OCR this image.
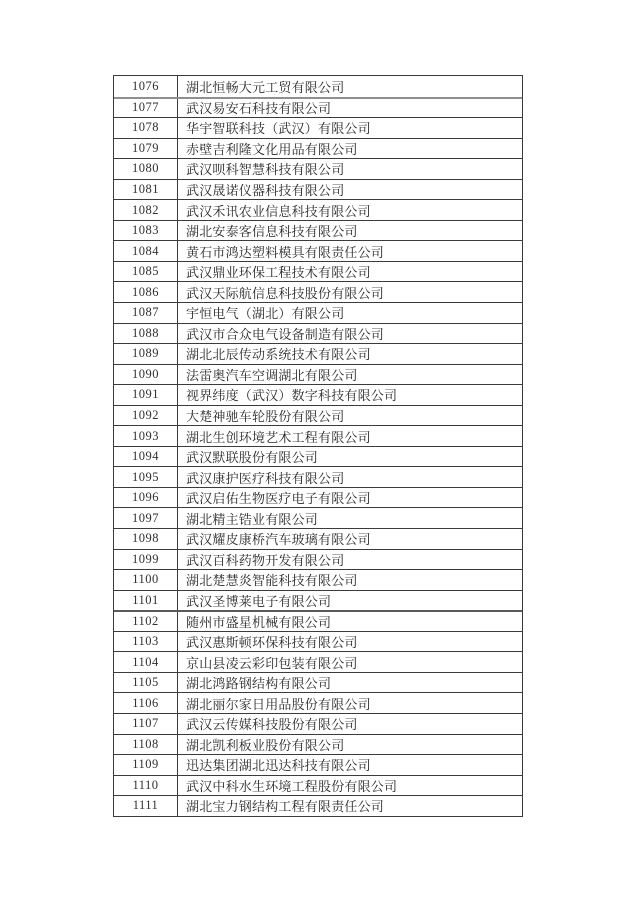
1076	湖北恒畅大元工贸有限公司
1077	武汉易安石科技有限公司
1078	华宇智联科技（武汉）有限公司
1079	赤壁吉利隆文化用品有限公司
1080	武汉呗科智慧科技有限公司
1081	武汉晟诺仪器科技有限公司
1082	武汉禾讯农业信息科技有限公司
1083	湖北安泰客信息科技有限公司
1084	黄石市鸿达塑料模具有限责任公司
1085	武汉鼎业环保工程技术有限公司
1086	武汉天际航信息科技股份有限公司
1087	宇恒电气（湖北）有限公司
1088	武汉市合众电气设备制造有限公司
1089	湖北北辰传动系统技术有限公司
1090	法雷奥汽车空调湖北有限公司
1091	视界纬度（武汉）数字科技有限公司
1092	大楚神驰车轮股份有限公司
1093	湖北生创环境艺术工程有限公司
1094	武汉默联股份有限公司
1095	武汉康护医疗科技有限公司
1096	武汉启佑生物医疗电子有限公司
1097	湖北精主锆业有限公司
1098	武汉耀皮康桥汽车玻璃有限公司
1099	武汉百科药物开发有限公司
1100	湖北楚慧炎智能科技有限公司
1101	武汉圣博莱电子有限公司
1102	随州市盛星机械有限公司
1103	武汉惠斯顿环保科技有限公司
1104	京山县凌云彩印包装有限公司
1105	湖北鸿路钢结构有限公司
1106	湖北丽尔家日用品股份有限公司
1107	武汉云传媒科技股份有限公司
1108	湖北凯利板业股份有限公司
1109	迅达集团湖北迅达科技有限公司
1110	武汉中科水生环境工程股份有限公司
1111	湖北宝力钢结构工程有限责任公司
